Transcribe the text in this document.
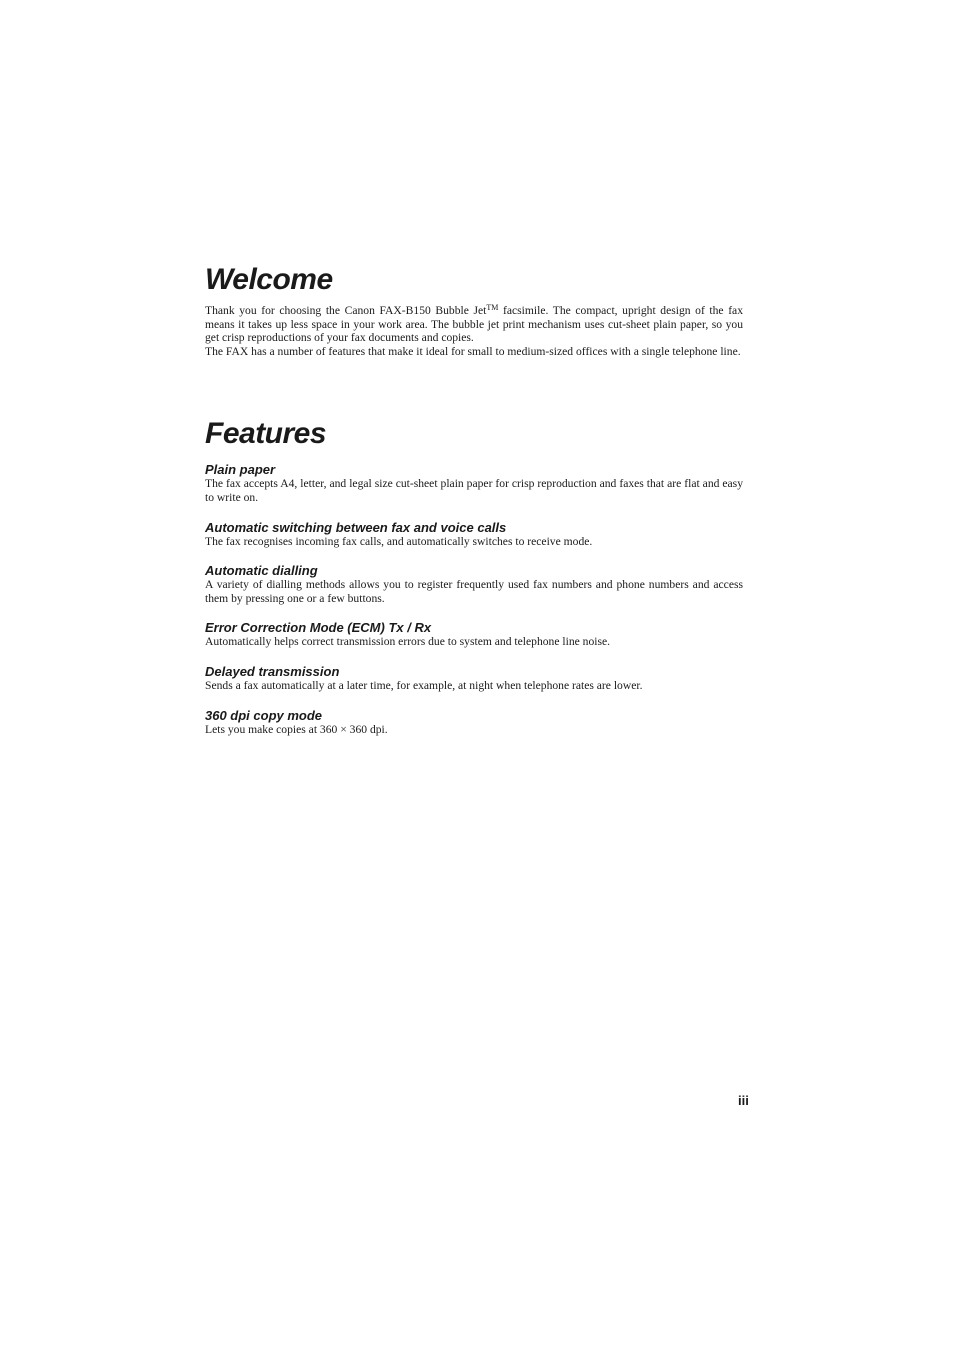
Welcome

Thank you for choosing the Canon FAX-B150 Bubble Jet™ facsimile. The compact, upright design of the fax means it takes up less space in your work area. The bubble jet print mechanism uses cut-sheet plain paper, so you get crisp reproductions of your fax documents and copies.

The FAX has a number of features that make it ideal for small to medium-sized offices with a single telephone line.

Features
Plain paper

The fax accepts A4, letter, and legal size cut-sheet plain paper for crisp reproduction and faxes that are flat and easy to write on.

Automatic switching between fax and voice calls

The fax recognises incoming fax calls, and automatically switches to receive mode.

Automatic dialling

A variety of dialling methods allows you to register frequently used fax numbers and phone numbers and access them by pressing one or a few buttons.

Error Correction Mode (ECM) Tx / Rx

Automatically helps correct transmission errors due to system and telephone line noise.

Delayed transmission

Sends a fax automatically at a later time, for example, at night when telephone rates are lower.

360 dpi copy mode

Lets you make copies at 360 × 360 dpi.

iii
